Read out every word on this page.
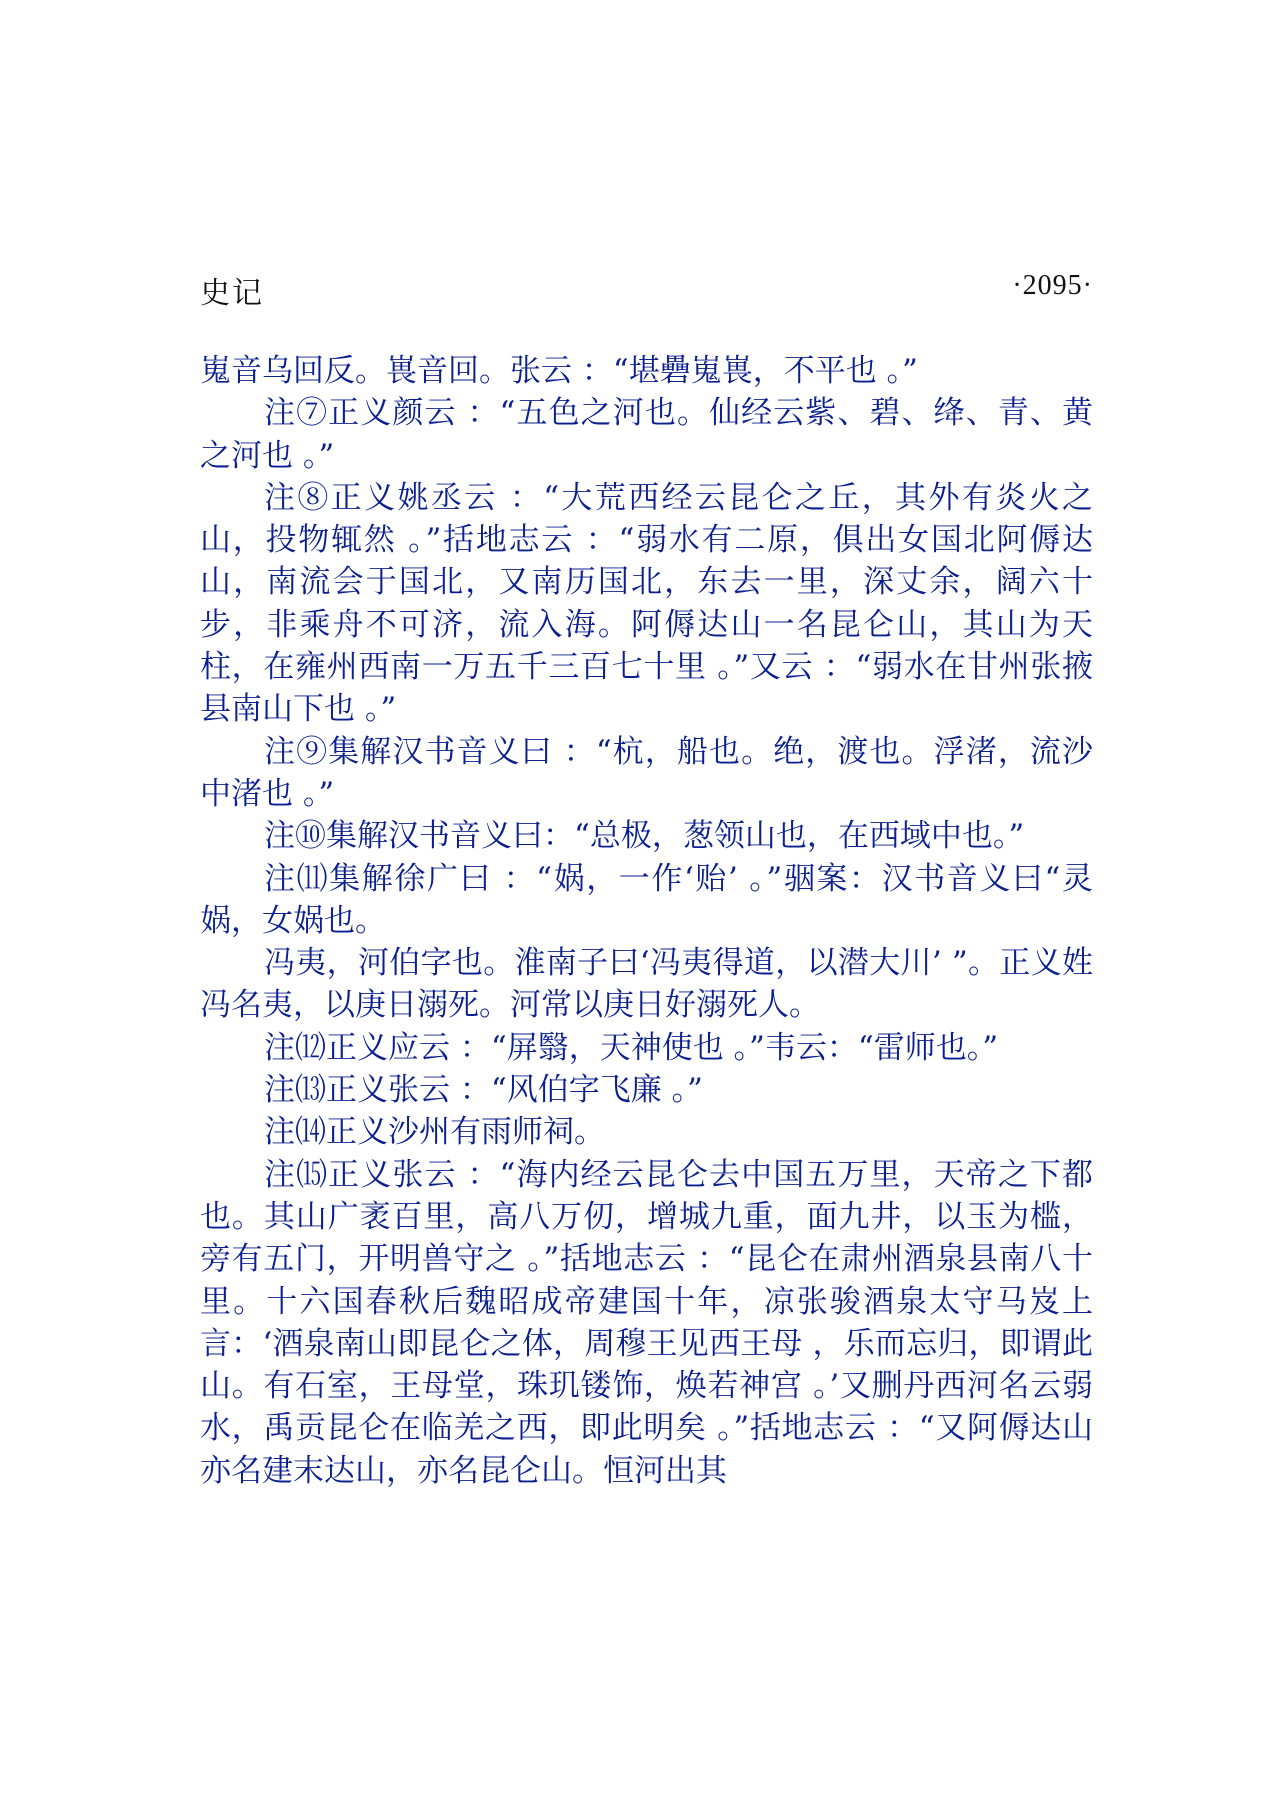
史记	·2095·

嵬音乌回反。嵔音回。张云 ：“堪礨嵬嵔，不平也 。”

注⑦正义颜云 ：“五色之河也。仙经云紫、碧、绛、青、黄之河也 。”

注⑧正义姚丞云 ：“大荒西经云昆仑之丘，其外有炎火之山，投物辄然 。”括地志云 ：“弱水有二原，俱出女国北阿傉达山，南流会于国北，又南历国北，东去一里，深丈余，阔六十步，非乘舟不可济，流入海。阿傉达山一名昆仑山，其山为天柱，在雍州西南一万五千三百七十里 。”又云 ：“弱水在甘州张掖县南山下也 。”

注⑨集解汉书音义曰 ：“杭，船也。绝，渡也。浮渚，流沙中渚也 。”

注⑩集解汉书音义曰：“总极，葱领山也，在西域中也。”

注⑾集解徐广曰 ：“娲，一作‘贻’ 。”骃案：汉书音义曰“灵娲，女娲也。

冯夷，河伯字也。淮南子曰‘冯夷得道，以潜大川’ ”。正义姓冯名夷，以庚日溺死。河常以庚日好溺死人。

注⑿正义应云 ：“屏翳，天神使也 。”韦云：“雷师也。”

注⒀正义张云 ：“风伯字飞廉 。”

注⒁正义沙州有雨师祠。

注⒂正义张云 ：“海内经云昆仑去中国五万里，天帝之下都也。其山广袤百里，高八万仞，增城九重，面九井，以玉为槛，旁有五门，开明兽守之 。”括地志云 ：“昆仑在肃州酒泉县南八十里。十六国春秋后魏昭成帝建国十年，凉张骏酒泉太守马岌上言：‘酒泉南山即昆仑之体，周穆王见西王母 ，乐而忘归，即谓此山。有石室，王母堂，珠玑镂饰，焕若神宫 。’又删丹西河名云弱水，禹贡昆仑在临羌之西，即此明矣 。”括地志云 ：“又阿傉达山亦名建末达山，亦名昆仑山。恒河出其
